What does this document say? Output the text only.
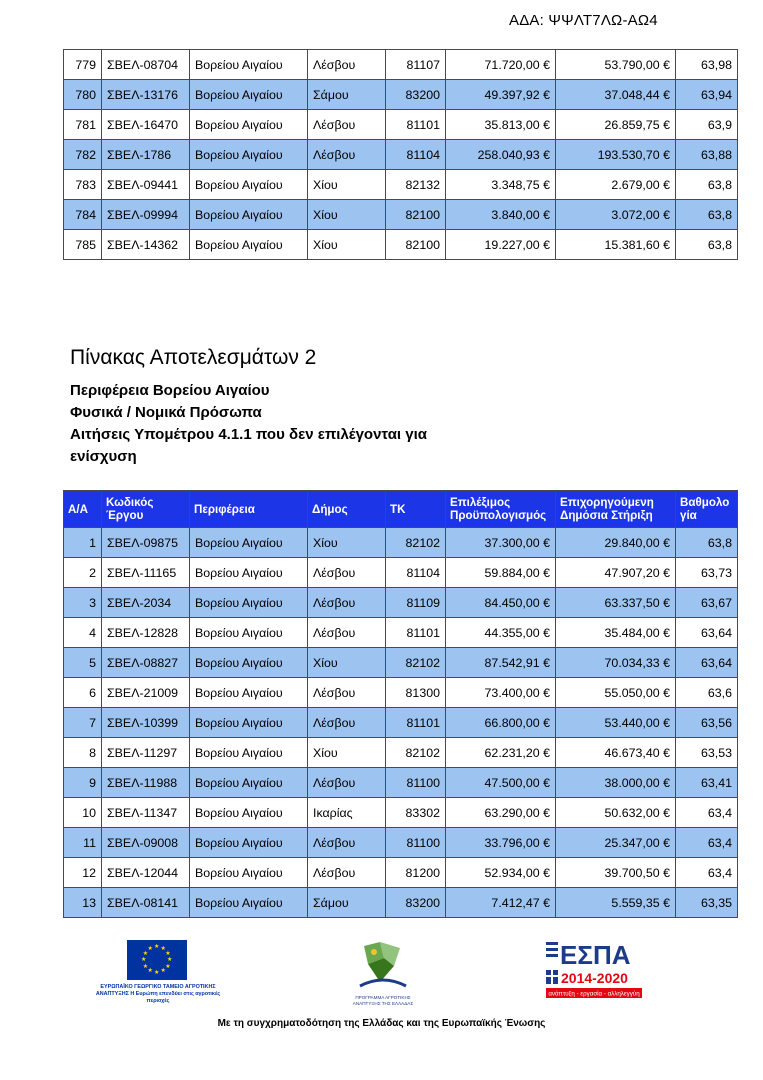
ΑΔΑ: ΨΨΛΤ7ΛΩ-ΑΩ4
779	ΣΒΕΛ-08704	Βορείου Αιγαίου	Λέσβου	81107	71.720,00 €	53.790,00 €	63,98
780	ΣΒΕΛ-13176	Βορείου Αιγαίου	Σάμου	83200	49.397,92 €	37.048,44 €	63,94
781	ΣΒΕΛ-16470	Βορείου Αιγαίου	Λέσβου	81101	35.813,00 €	26.859,75 €	63,9
782	ΣΒΕΛ-1786	Βορείου Αιγαίου	Λέσβου	81104	258.040,93 €	193.530,70 €	63,88
783	ΣΒΕΛ-09441	Βορείου Αιγαίου	Χίου	82132	3.348,75 €	2.679,00 €	63,8
784	ΣΒΕΛ-09994	Βορείου Αιγαίου	Χίου	82100	3.840,00 €	3.072,00 €	63,8
785	ΣΒΕΛ-14362	Βορείου Αιγαίου	Χίου	82100	19.227,00 €	15.381,60 €	63,8
Πίνακας Αποτελεσμάτων 2
Περιφέρεια Βορείου Αιγαίου
Φυσικά / Νομικά Πρόσωπα
Αιτήσεις Υπομέτρου 4.1.1 που δεν επιλέγονται για ενίσχυση
Α/Α	Κωδικός Έργου	Περιφέρεια	Δήμος	ΤΚ	Επιλέξιμος Προϋπολογισμός	Επιχορηγούμενη Δημόσια Στήριξη	Βαθμολο γία
1	ΣΒΕΛ-09875	Βορείου Αιγαίου	Χίου	82102	37.300,00 €	29.840,00 €	63,8
2	ΣΒΕΛ-11165	Βορείου Αιγαίου	Λέσβου	81104	59.884,00 €	47.907,20 €	63,73
3	ΣΒΕΛ-2034	Βορείου Αιγαίου	Λέσβου	81109	84.450,00 €	63.337,50 €	63,67
4	ΣΒΕΛ-12828	Βορείου Αιγαίου	Λέσβου	81101	44.355,00 €	35.484,00 €	63,64
5	ΣΒΕΛ-08827	Βορείου Αιγαίου	Χίου	82102	87.542,91 €	70.034,33 €	63,64
6	ΣΒΕΛ-21009	Βορείου Αιγαίου	Λέσβου	81300	73.400,00 €	55.050,00 €	63,6
7	ΣΒΕΛ-10399	Βορείου Αιγαίου	Λέσβου	81101	66.800,00 €	53.440,00 €	63,56
8	ΣΒΕΛ-11297	Βορείου Αιγαίου	Χίου	82102	62.231,20 €	46.673,40 €	63,53
9	ΣΒΕΛ-11988	Βορείου Αιγαίου	Λέσβου	81100	47.500,00 €	38.000,00 €	63,41
10	ΣΒΕΛ-11347	Βορείου Αιγαίου	Ικαρίας	83302	63.290,00 €	50.632,00 €	63,4
11	ΣΒΕΛ-09008	Βορείου Αιγαίου	Λέσβου	81100	33.796,00 €	25.347,00 €	63,4
12	ΣΒΕΛ-12044	Βορείου Αιγαίου	Λέσβου	81200	52.934,00 €	39.700,50 €	63,4
13	ΣΒΕΛ-08141	Βορείου Αιγαίου	Σάμου	83200	7.412,47 €	5.559,35 €	63,35
★
★
★
★
★
★
★
★
★ ★ ★
★
ΕΥΡΩΠΑΪΚΟ ΓΕΩΡΓΙΚΟ ΤΑΜΕΙΟ ΑΓΡΟΤΙΚΗΣ ΑΝΑΠΤΥΞΗΣ Η Ευρώπη επενδύει στις αγροτικές περιοχές
ΠΡΟΓΡΑΜΜΑ ΑΓΡΟΤΙΚΗΣ ΑΝΑΠΤΥΞΗΣ ΤΗΣ ΕΛΛΑΔΑΣ
ΕΣΠΑ
2014-2020
ανάπτυξη - εργασία - αλληλεγγύη
Με τη συγχρηματοδότηση της Ελλάδας και της Ευρωπαϊκής Ένωσης
